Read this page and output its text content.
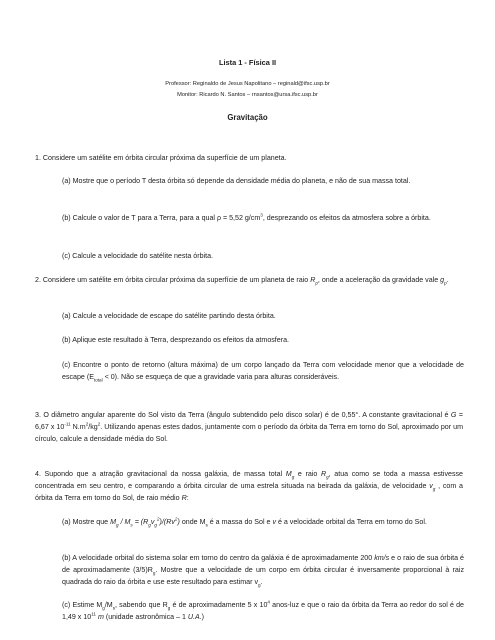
Lista 1 - Física II

Professor: Reginaldo de Jesus Napolitano – reginald@ifsc.usp.br

Monitor: Ricardo N. Santos – rnsantos@ursa.ifsc.usp.br

Gravitação

1. Considere um satélite em órbita circular próxima da superfície de um planeta.

(a) Mostre que o período T desta órbita só depende da densidade média do planeta, e não de sua massa total.

(b) Calcule o valor de T para a Terra, para a qual ρ = 5,52 $g/cm^3$, desprezando os efeitos da atmosfera sobre a órbita.

(c) Calcule a velocidade do satélite nesta órbita.

2. Considere um satélite em órbita circular próxima da superfície de um planeta de raio $R_p$, onde a aceleração da gravidade vale $g_p$.

(a) Calcule a velocidade de escape do satélite partindo desta órbita.

(b) Aplique este resultado à Terra, desprezando os efeitos da atmosfera.

(c) Encontre o ponto de retorno (altura máxima) de um corpo lançado da Terra com velocidade menor que a velocidade de escape $(E_{total} < 0)$. Não se esqueça de que a gravidade varia para alturas consideráveis.

3. O diâmetro angular aparente do Sol visto da Terra (ângulo subtendido pelo disco solar) é de 0,55°. A constante gravitacional é G = 6,67 x $10^{-11}$ $N.m^2/kg^2$. Utilizando apenas estes dados, juntamente com o período da órbita da Terra em torno do Sol, aproximado por um círculo, calcule a densidade média do Sol.

4. Supondo que a atração gravitacional da nossa galáxia, de massa total $M_g$ e raio $R_g$, atua como se toda a massa estivesse concentrada em seu centro, e comparando a órbita circular de uma estrela situada na beirada da galáxia, de velocidade $v_g$ , com a órbita da Terra em torno do Sol, de raio médio R:

(a) Mostre que $M_g / M_s = (R_gv_g^2)/(Rv^2)$ onde $M_s$ é a massa do Sol e v é a velocidade orbital da Terra em torno do Sol.

(b) A velocidade orbital do sistema solar em torno do centro da galáxia é de aproximadamente 200 km/s e o raio de sua órbita é de aproximadamente $(3/5)R_g$. Mostre que a velocidade de um corpo em órbita circular é inversamente proporcional à raiz quadrada do raio da órbita e use este resultado para estimar $v_g$.

(c) Estime $M_g/M_s$, sabendo que $R_g$ é de aproximadamente 5 x $10^4$ anos-luz e que o raio da órbita da Terra ao redor do sol é de 1,49 x $10^{11}$ m (unidade astronômica – 1 U.A.)
